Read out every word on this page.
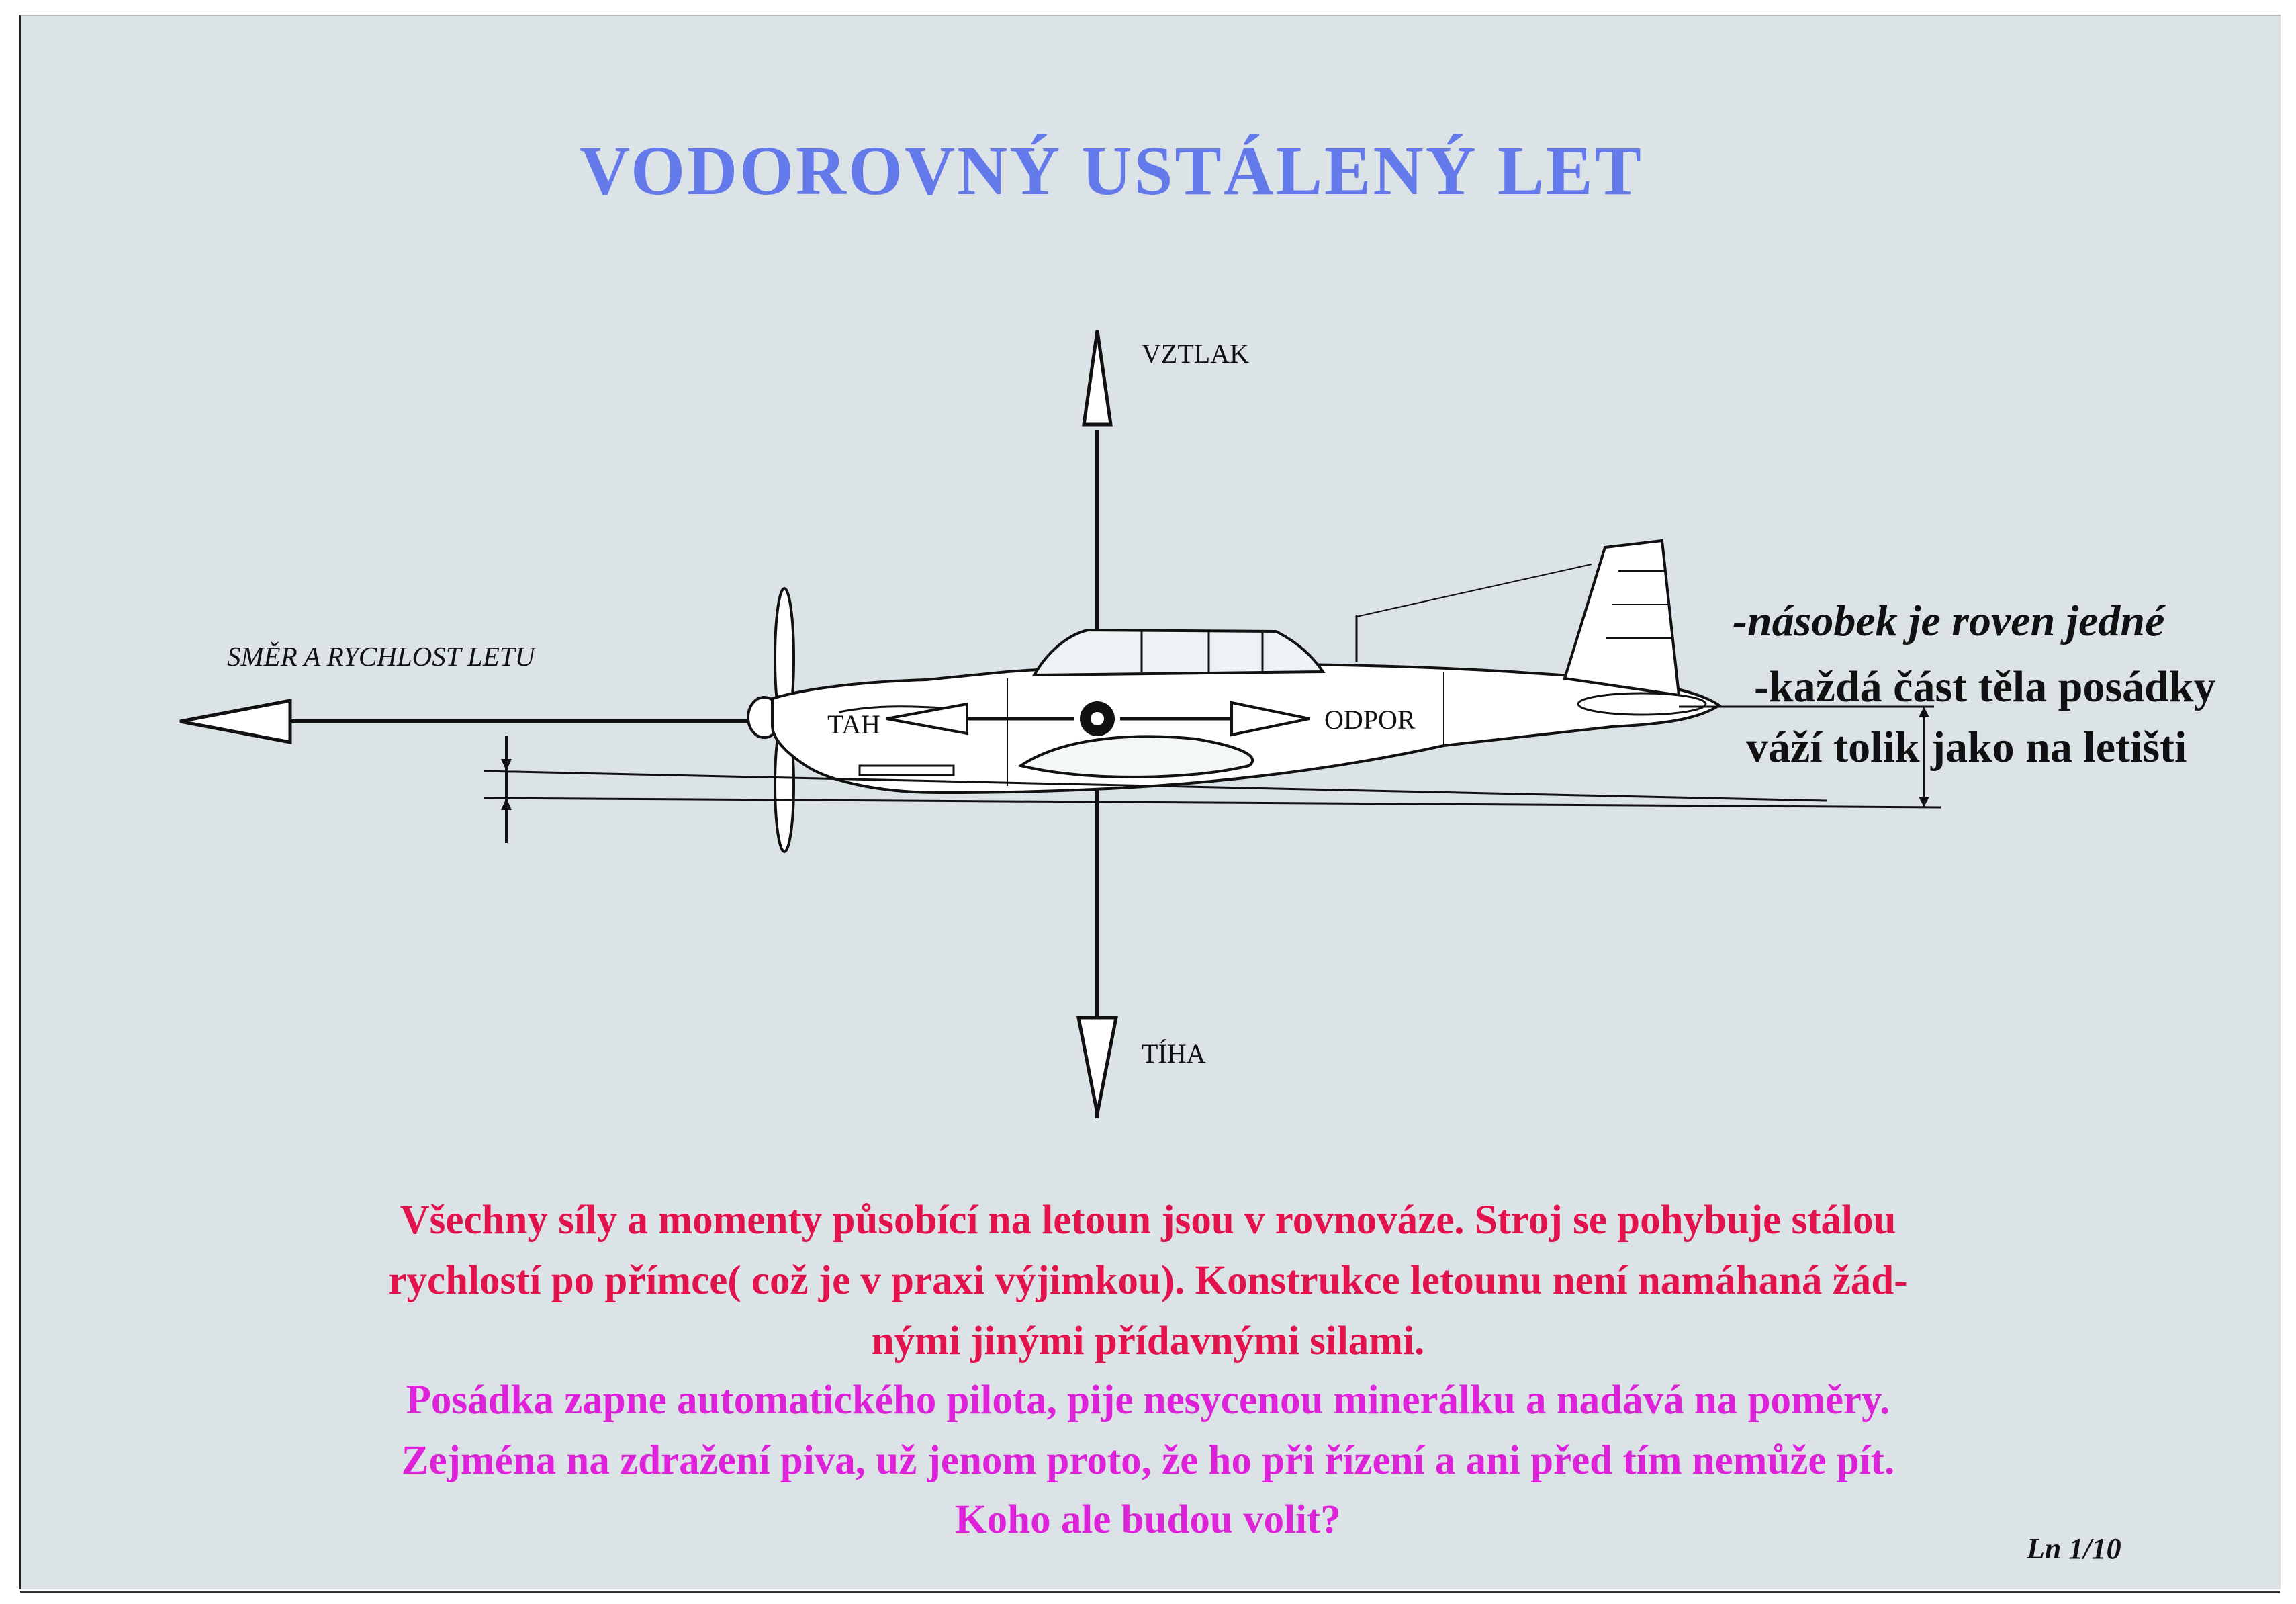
VODOROVNÝ USTÁLENÝ LET
VZTLAK
TÍHA
TAH	ODPOR
SMĚR A RYCHLOST LETU
-násobek je roven jedné
-každá část těla posádky
váží tolik jako na letišti
Všechny síly a momenty působící na letoun jsou v rovnováze. Stroj se pohybuje stálou
rychlostí po přímce( což je v praxi výjimkou). Konstrukce letounu není namáhaná žád-
nými jinými přídavnými silami.
Posádka zapne automatického pilota, pije nesycenou minerálku a nadává na poměry.
Zejména na zdražení piva, už jenom proto, že ho při řízení a ani před tím nemůže pít.
Koho ale budou volit?
Ln 1/10
